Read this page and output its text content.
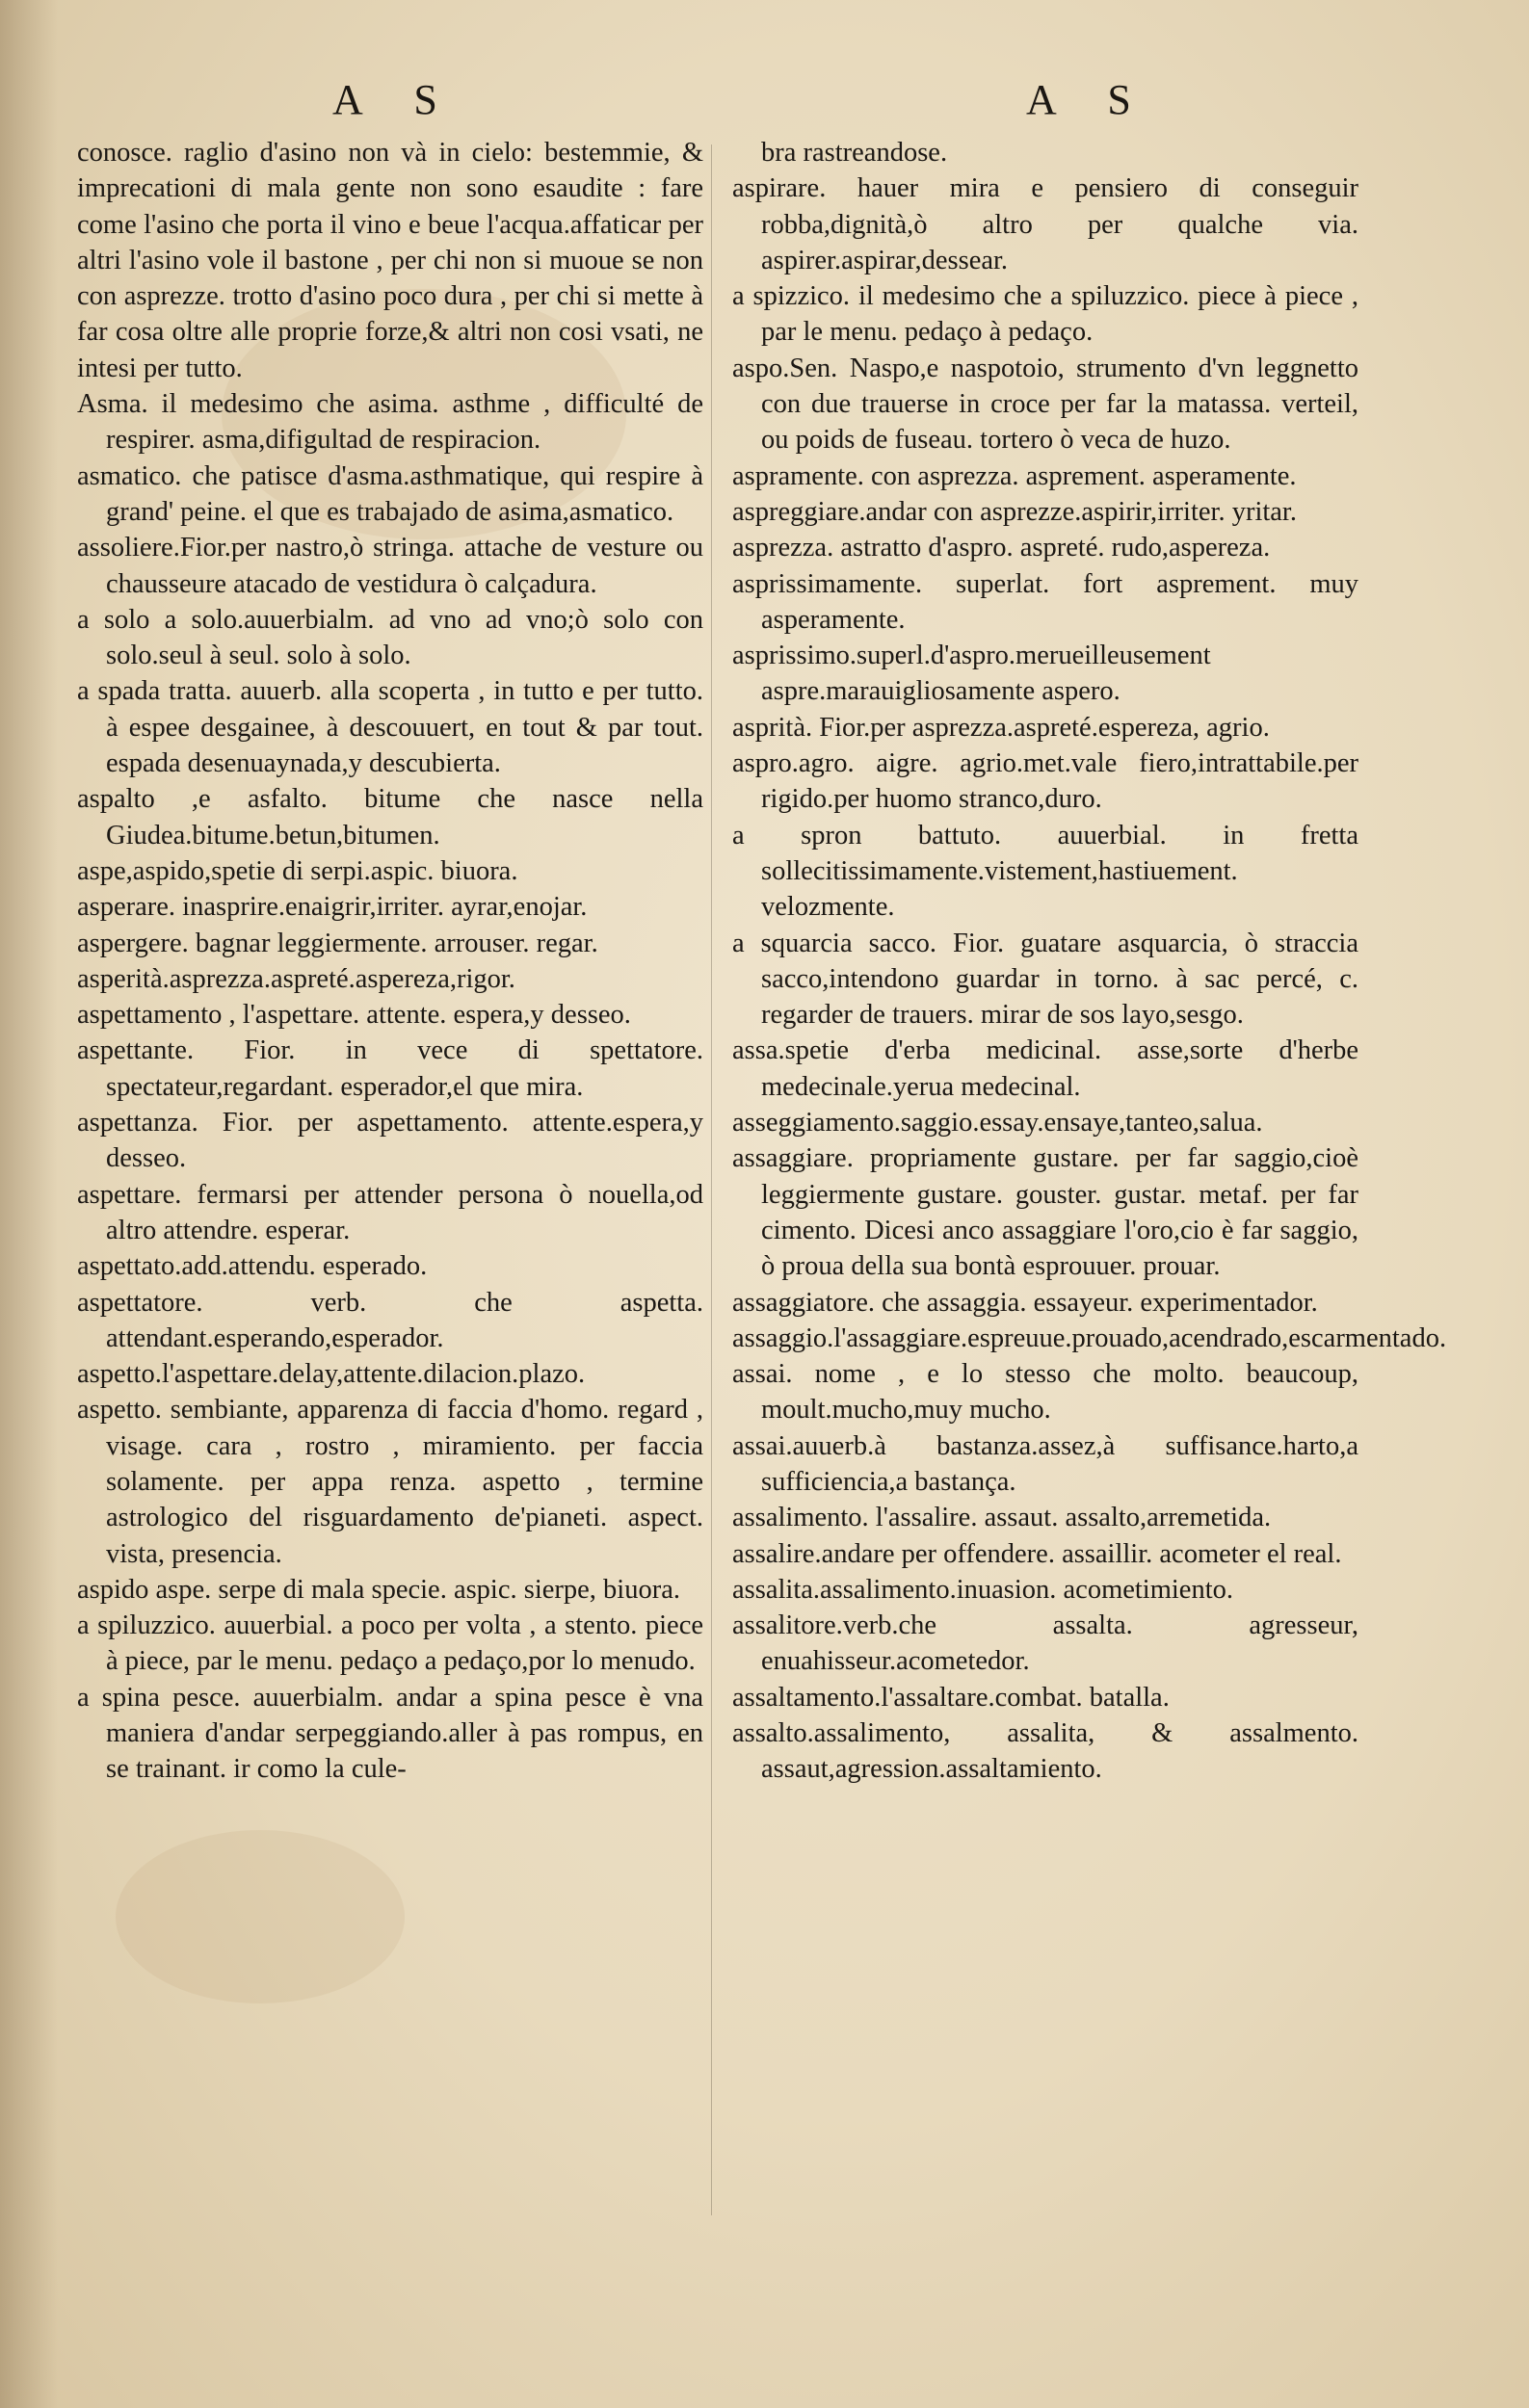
A S	A S

conosce. raglio d'asino non và in cielo: bestemmie, & imprecationi di mala gente non sono esaudite : fare come l'asino che porta il vino e beue l'acqua.affaticar per altri l'asino vole il bastone , per chi non si muoue se non con asprezze. trotto d'asino poco dura , per chi si mette à far cosa oltre alle proprie forze,& altri non cosi vsati, ne intesi per tutto.

Asma. il medesimo che asima. asthme , difficulté de respirer. asma,difigultad de respiracion.

asmatico. che patisce d'asma.asthmatique, qui respire à grand' peine. el que es trabajado de asima,asmatico.

assoliere.Fior.per nastro,ò stringa. attache de vesture ou chausseure atacado de vestidura ò calçadura.

a solo a solo.auuerbialm. ad vno ad vno;ò solo con solo.seul à seul. solo à solo.

a spada tratta. auuerb. alla scoperta , in tutto e per tutto. à espee desgainee, à descouuert, en tout & par tout. espada desenuaynada,y descubierta.

aspalto ,e asfalto. bitume che nasce nella Giudea.bitume.betun,bitumen.

aspe,aspido,spetie di serpi.aspic. biuora.

asperare. inasprire.enaigrir,irriter. ayrar,enojar.

aspergere. bagnar leggiermente. arrouser. regar.

asperità.asprezza.aspreté.aspereza,rigor.

aspettamento , l'aspettare. attente. espera,y desseo.

aspettante. Fior. in vece di spettatore. spectateur,regardant. esperador,el que mira.

aspettanza. Fior. per aspettamento. attente.espera,y desseo.

aspettare. fermarsi per attender persona ò nouella,od altro attendre. esperar.

aspettato.add.attendu. esperado.

aspettatore. verb. che aspetta. attendant.esperando,esperador.

aspetto.l'aspettare.delay,attente.dilacion.plazo.

aspetto. sembiante, apparenza di faccia d'homo. regard , visage. cara , rostro , miramiento. per faccia solamente. per appa renza. aspetto , termine astrologico del risguardamento de'pianeti. aspect. vista, presencia.

aspido aspe. serpe di mala specie. aspic. sierpe, biuora.

a spiluzzico. auuerbial. a poco per volta , a stento. piece à piece, par le menu. pedaço a pedaço,por lo menudo.

a spina pesce. auuerbialm. andar a spina pesce è vna maniera d'andar serpeggiando.aller à pas rompus, en se trainant. ir como la cule-

bra rastreandose.

aspirare. hauer mira e pensiero di conseguir robba,dignità,ò altro per qualche via. aspirer.aspirar,dessear.

a spizzico. il medesimo che a spiluzzico. piece à piece , par le menu. pedaço à pedaço.

aspo.Sen. Naspo,e naspotoio, strumento d'vn leggnetto con due trauerse in croce per far la matassa. verteil, ou poids de fuseau. tortero ò veca de huzo.

aspramente. con asprezza. asprement. asperamente.

aspreggiare.andar con asprezze.aspirir,irriter. yritar.

asprezza. astratto d'aspro. aspreté. rudo,aspereza.

asprissimamente. superlat. fort asprement. muy asperamente.

asprissimo.superl.d'aspro.merueilleusement aspre.marauigliosamente aspero.

asprità. Fior.per asprezza.aspreté.espereza, agrio.

aspro.agro. aigre. agrio.met.vale fiero,intrattabile.per rigido.per huomo stranco,duro.

a spron battuto. auuerbial. in fretta sollecitissimamente.vistement,hastiuement. velozmente.

a squarcia sacco. Fior. guatare asquarcia, ò straccia sacco,intendono guardar in torno. à sac percé, c. regarder de trauers. mirar de sos layo,sesgo.

assa.spetie d'erba medicinal. asse,sorte d'herbe medecinale.yerua medecinal.

asseggiamento.saggio.essay.ensaye,tanteo,salua.

assaggiare. propriamente gustare. per far saggio,cioè leggiermente gustare. gouster. gustar. metaf. per far cimento. Dicesi anco assaggiare l'oro,cio è far saggio, ò proua della sua bontà esprouuer. prouar.

assaggiatore. che assaggia. essayeur. experimentador.

assaggio.l'assaggiare.espreuue.prouado,acendrado,escarmentado.

assai. nome , e lo stesso che molto. beaucoup, moult.mucho,muy mucho.

assai.auuerb.à bastanza.assez,à suffisance.harto,a sufficiencia,a bastança.

assalimento. l'assalire. assaut. assalto,arremetida.

assalire.andare per offendere. assaillir. acometer el real.

assalita.assalimento.inuasion. acometimiento.

assalitore.verb.che assalta. agresseur, enuahisseur.acometedor.

assaltamento.l'assaltare.combat. batalla.

assalto.assalimento, assalita, & assalmento. assaut,agression.assaltamiento.
